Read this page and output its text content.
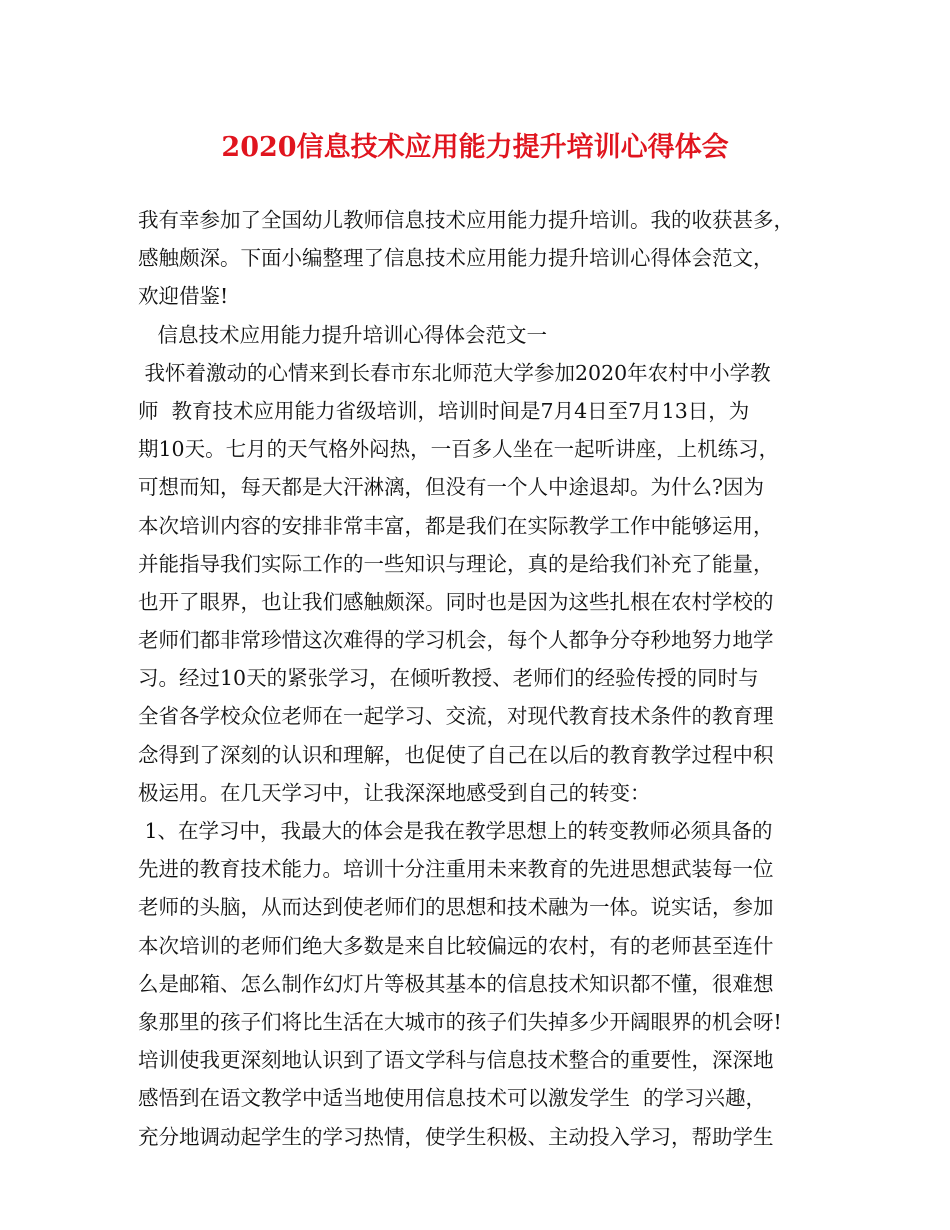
2020信息技术应用能力提升培训心得体会
我有幸参加了全国幼儿教师信息技术应用能力提升培训。我的收获甚多，
感触颇深。下面小编整理了信息技术应用能力提升培训心得体会范文，
欢迎借鉴!
信息技术应用能力提升培训心得体会范文一
我怀着激动的心情来到长春市东北师范大学参加2020年农村中小学教
师  教育技术应用能力省级培训，培训时间是7月4日至7月13日，为
期10天。七月的天气格外闷热，一百多人坐在一起听讲座，上机练习，
可想而知，每天都是大汗淋漓，但没有一个人中途退却。为什么?因为
本次培训内容的安排非常丰富，都是我们在实际教学工作中能够运用，
并能指导我们实际工作的一些知识与理论，真的是给我们补充了能量，
也开了眼界，也让我们感触颇深。同时也是因为这些扎根在农村学校的
老师们都非常珍惜这次难得的学习机会，每个人都争分夺秒地努力地学
习。经过10天的紧张学习，在倾听教授、老师们的经验传授的同时与
全省各学校众位老师在一起学习、交流，对现代教育技术条件的教育理
念得到了深刻的认识和理解，也促使了自己在以后的教育教学过程中积
极运用。在几天学习中，让我深深地感受到自己的转变：
1、在学习中，我最大的体会是我在教学思想上的转变教师必须具备的
先进的教育技术能力。培训十分注重用未来教育的先进思想武装每一位
老师的头脑，从而达到使老师们的思想和技术融为一体。说实话，参加
本次培训的老师们绝大多数是来自比较偏远的农村，有的老师甚至连什
么是邮箱、怎么制作幻灯片等极其基本的信息技术知识都不懂，很难想
象那里的孩子们将比生活在大城市的孩子们失掉多少开阔眼界的机会呀!
培训使我更深刻地认识到了语文学科与信息技术整合的重要性，深深地
感悟到在语文教学中适当地使用信息技术可以激发学生  的学习兴趣，
充分地调动起学生的学习热情，使学生积极、主动投入学习，帮助学生
